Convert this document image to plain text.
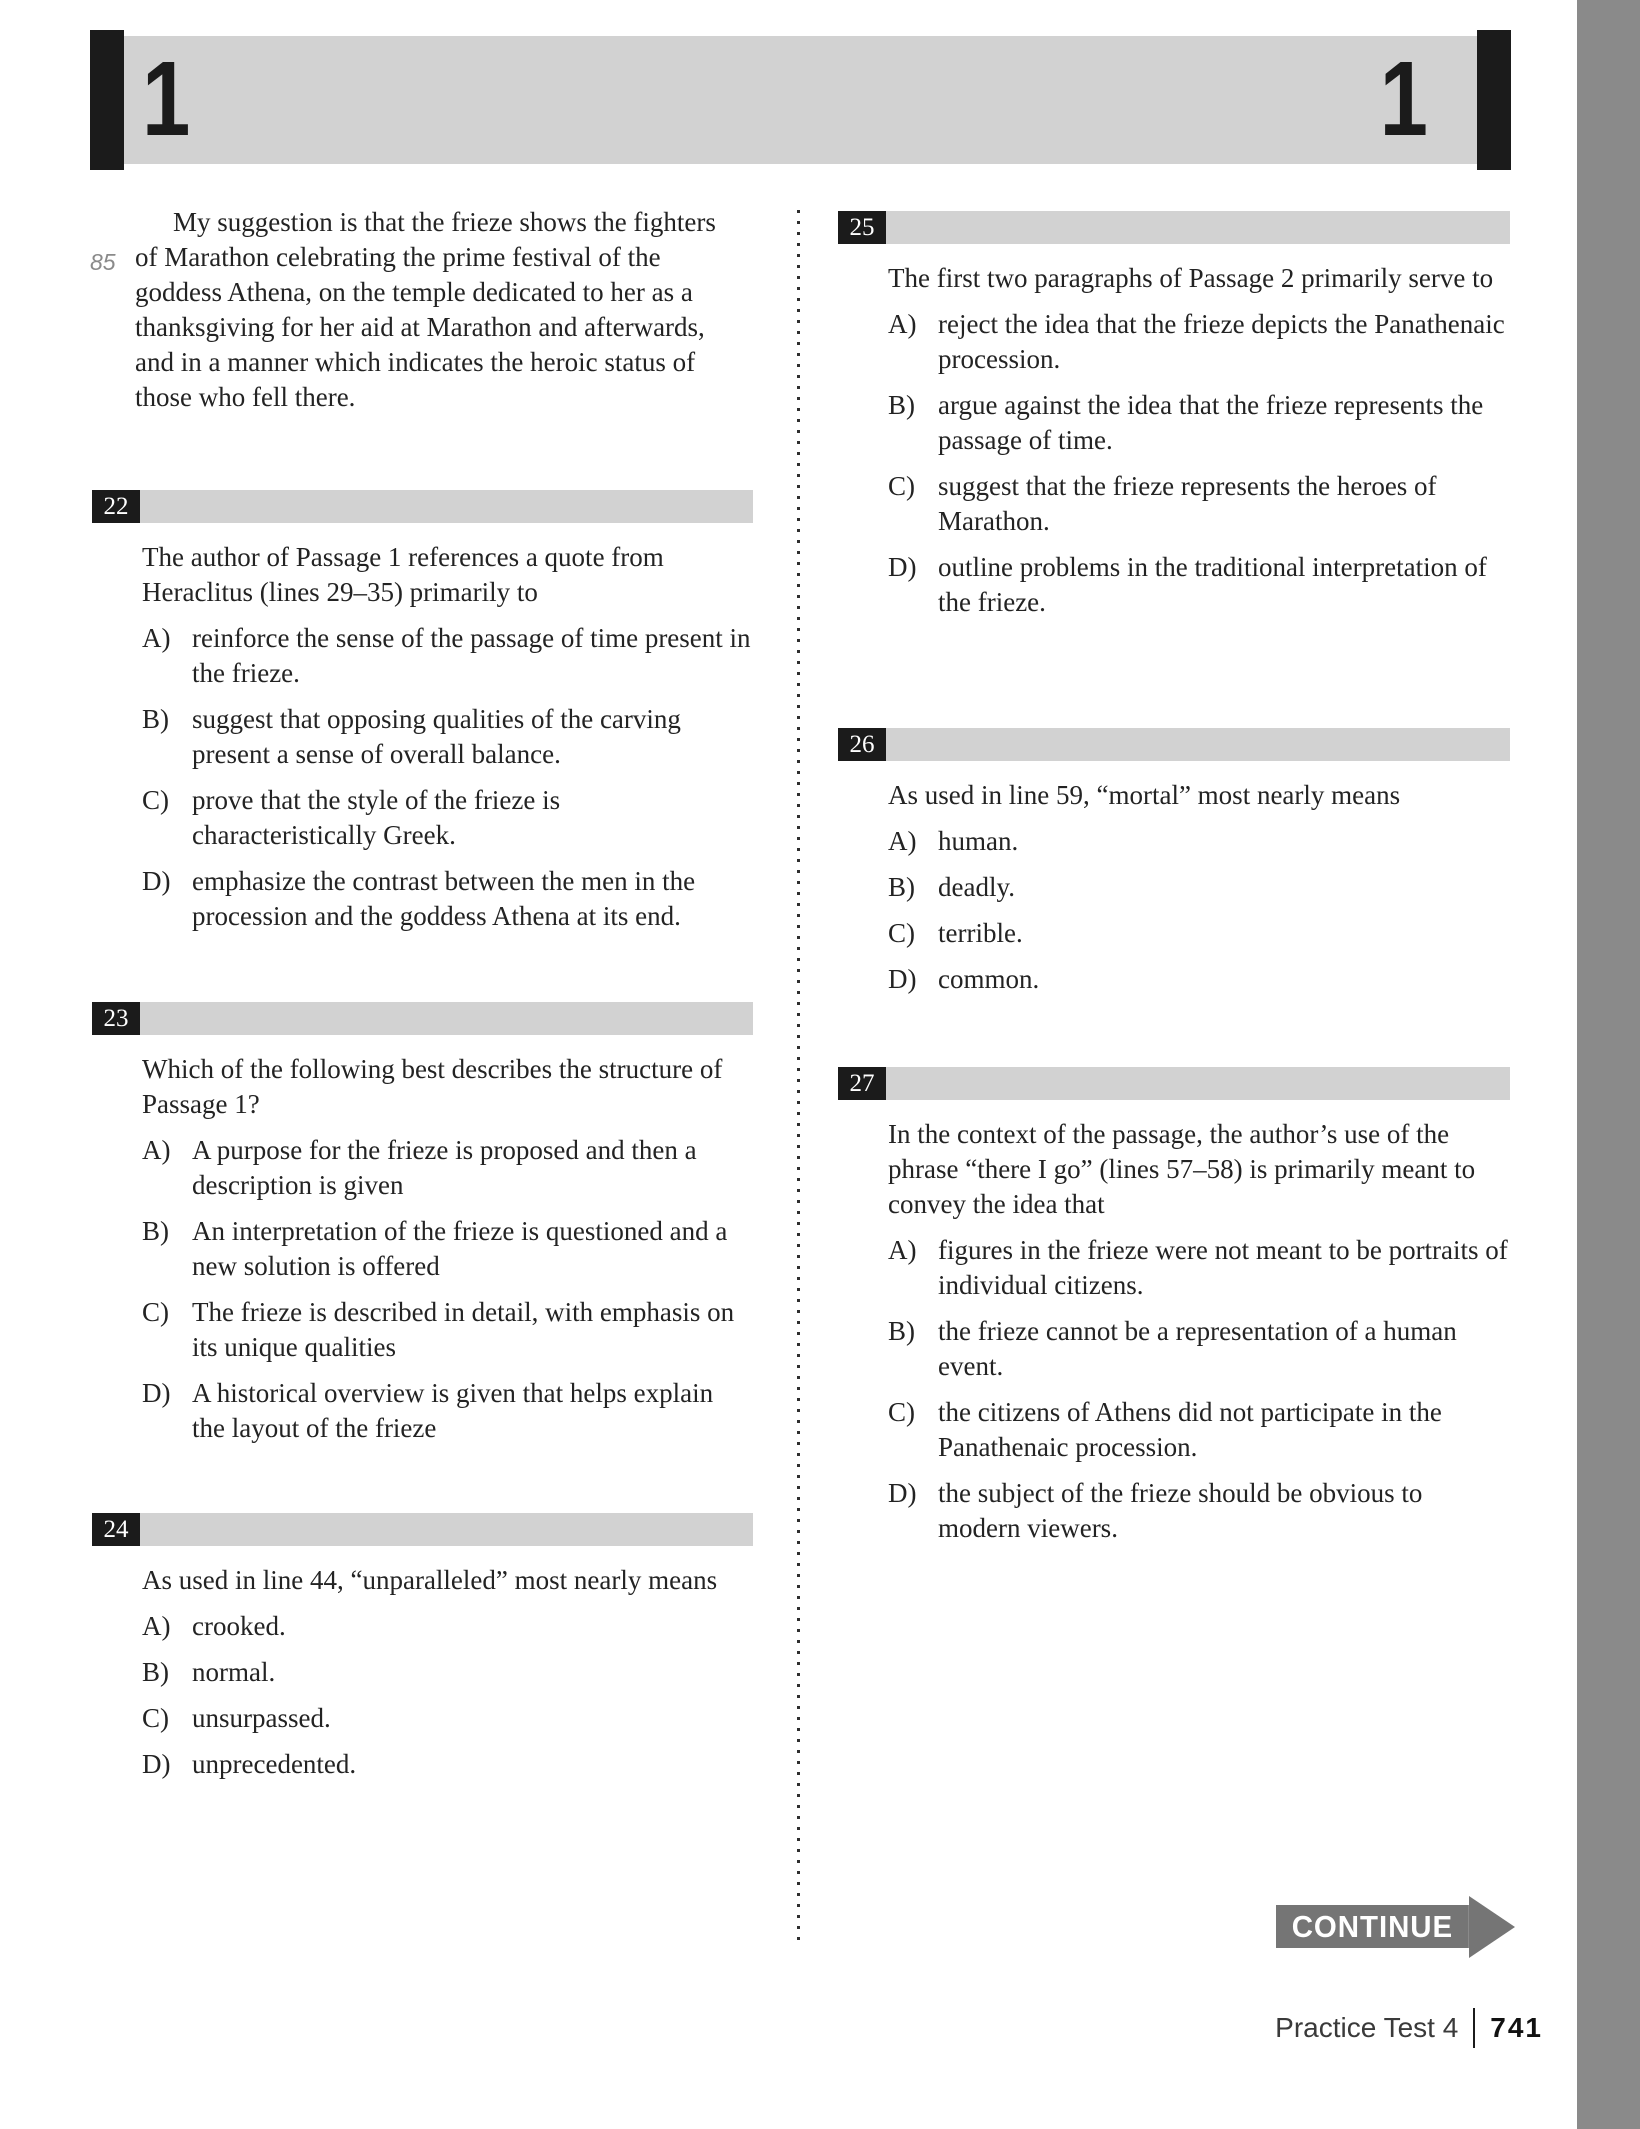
1	1
85
My suggestion is that the frieze shows the fighters
of Marathon celebrating the prime festival of the
goddess Athena, on the temple dedicated to her as a
thanksgiving for her aid at Marathon and afterwards,
and in a manner which indicates the heroic status of
those who fell there.
22
The author of Passage 1 references a quote from Heraclitus (lines 29–35) primarily to
A) reinforce the sense of the passage of time present in the frieze.
B) suggest that opposing qualities of the carving present a sense of overall balance.
C) prove that the style of the frieze is characteristically Greek.
D) emphasize the contrast between the men in the procession and the goddess Athena at its end.
23
Which of the following best describes the structure of Passage 1?
A) A purpose for the frieze is proposed and then a description is given
B) An interpretation of the frieze is questioned and a new solution is offered
C) The frieze is described in detail, with emphasis on its unique qualities
D) A historical overview is given that helps explain the layout of the frieze
24
As used in line 44, “unparalleled” most nearly means
A) crooked.
B) normal.
C) unsurpassed.
D) unprecedented.
25
The first two paragraphs of Passage 2 primarily serve to
A) reject the idea that the frieze depicts the Panathenaic procession.
B) argue against the idea that the frieze represents the passage of time.
C) suggest that the frieze represents the heroes of Marathon.
D) outline problems in the traditional interpretation of the frieze.
26
As used in line 59, “mortal” most nearly means
A) human.
B) deadly.
C) terrible.
D) common.
27
In the context of the passage, the author’s use of the phrase “there I go” (lines 57–58) is primarily meant to convey the idea that
A) figures in the frieze were not meant to be portraits of individual citizens.
B) the frieze cannot be a representation of a human event.
C) the citizens of Athens did not participate in the Panathenaic procession.
D) the subject of the frieze should be obvious to modern viewers.
CONTINUE
Practice Test 4 741
